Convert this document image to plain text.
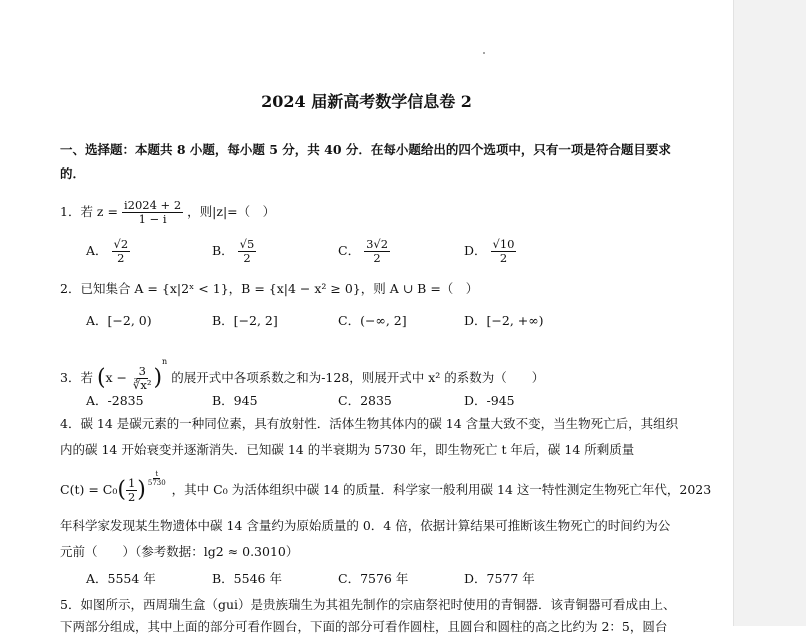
2024 届新高考数学信息卷 2
一、选择题：本题共 8 小题，每小题 5 分，共 40 分．在每小题给出的四个选项中，只有一项是符合题目要求
的．
1．若 $z = \frac{i2024 + 2}{1 - i}$ ，则|z|=（　）
A． $\frac{√2}{2}$	B． $\frac{√5}{2}$	C． $\frac{3√2}{2}$	D． $\frac{√10}{2}$
2．已知集合 A = {x|2ˣ < 1}，B = {x|4 − x² ≥ 0}，则 A ∪ B =（　）
A．[−2, 0)	B．[−2, 2]	C．(−∞, 2]	D．[−2, +∞)
3．若 $(x - \frac{3}{\text{∛x²}} )^n$ 的展开式中各项系数之和为-128，则展开式中 x² 的系数为（　　）
A．-2835	B．945	C．2835	D．-945
4．碳 14 是碳元素的一种同位素，具有放射性．活体生物其体内的碳 14 含量大致不变，当生物死亡后，其组织
内的碳 14 开始衰变并逐渐消失．已知碳 14 的半衰期为 5730 年，即生物死亡 t 年后，碳 14 所剩质量
$C(t) = C_0( \frac{1}{2}$ ) $\frac{t}{5730}$
，其中 C₀ 为活体组织中碳 14 的质量．科学家一般利用碳 14 这一特性测定生物死亡年代，2023
年科学家发现某生物遗体中碳 14 含量约为原始质量的 0．4 倍，依据计算结果可推断该生物死亡的时间约为公
元前（　　）（参考数据：lg2 ≈ 0.3010）
A．5554 年	B．5546 年	C．7576 年	D．7577 年
5．如图所示，西周瑞生盒（gui）是贵族瑞生为其祖先制作的宗庙祭祀时使用的青铜器．该青铜器可看成由上、
下两部分组成，其中上面的部分可看作圆台，下面的部分可看作圆柱，且圆台和圆柱的高之比约为 2：5，圆台
